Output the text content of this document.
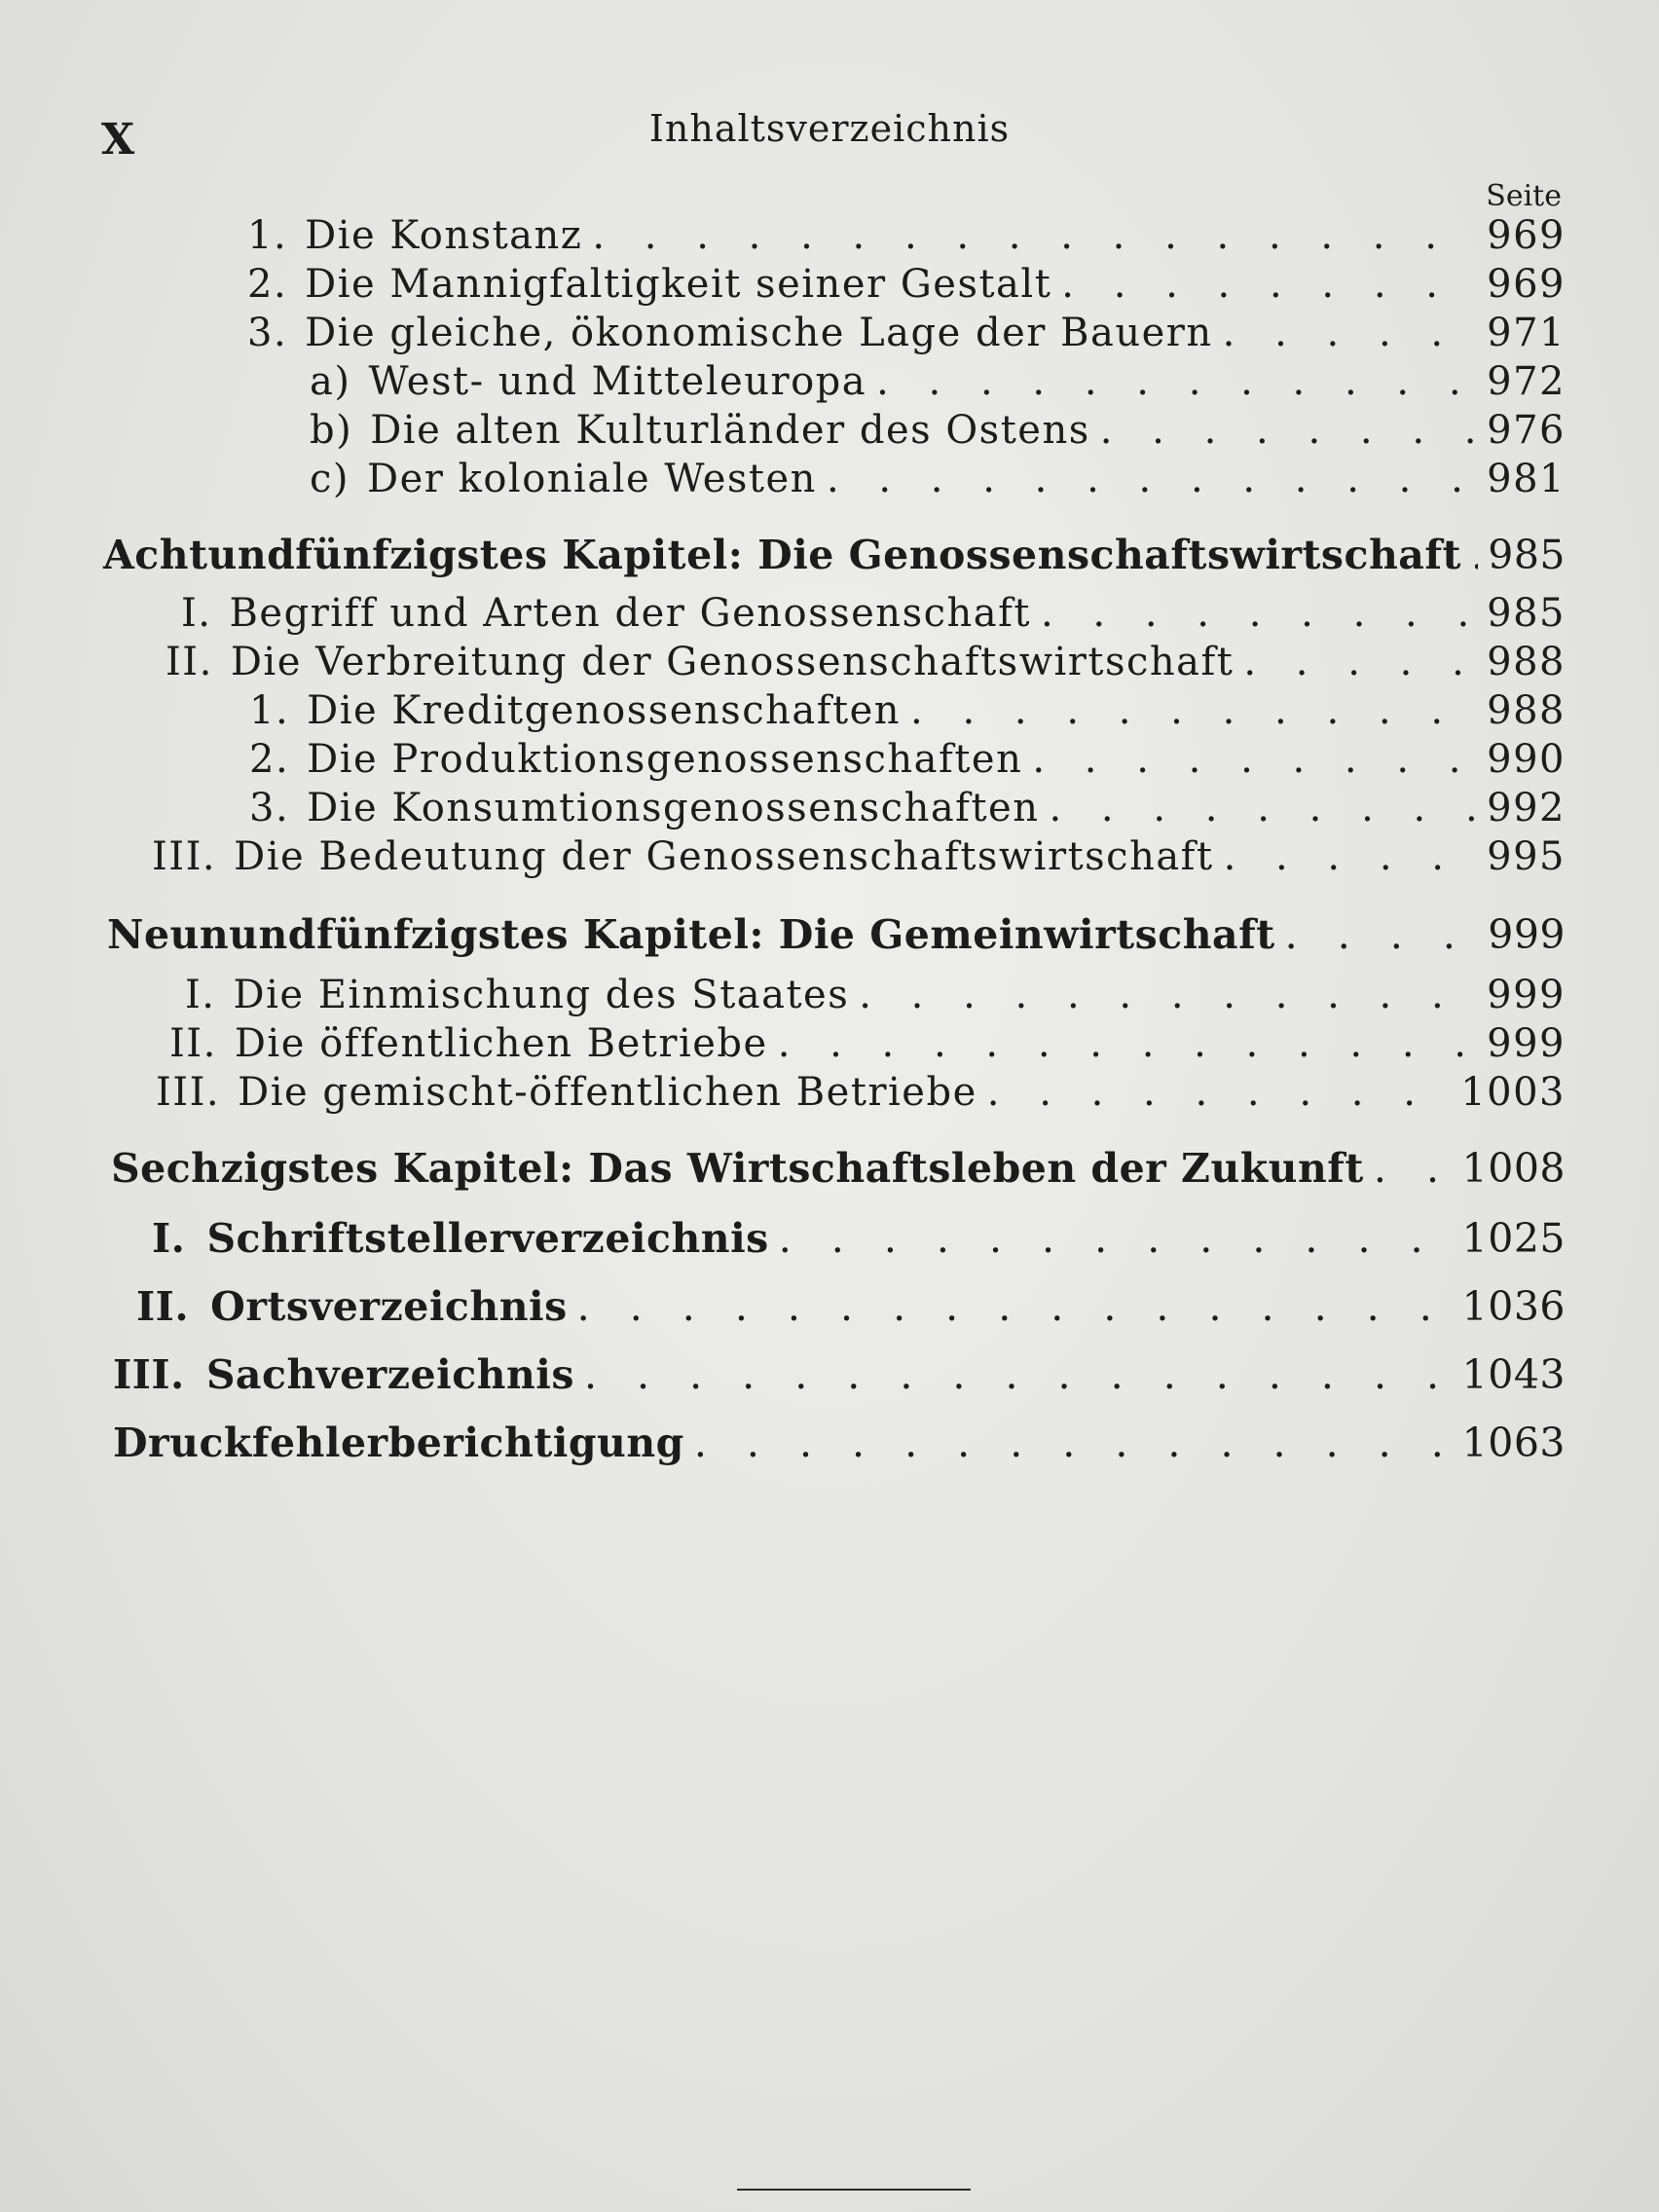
X	Inhaltsverzeichnis
Seite
1. Die Konstanz . . .	969
2. Die Mannigfaltigkeit seiner Gestalt . . .	969
3. Die gleiche, ökonomische Lage der Bauern . . .	971
a) West- und Mitteleuropa . . .	972
b) Die alten Kulturländer des Ostens . . .	976
c) Der koloniale Westen . . .	981
Achtundfünfzigstes Kapitel: Die Genossenschaftswirtschaft . . . 985
I. Begriff und Arten der Genossenschaft . . .	985
II. Die Verbreitung der Genossenschaftswirtschaft . . .	988
1. Die Kreditgenossenschaften . . .	988
2. Die Produktionsgenossenschaften . . .	990
3. Die Konsumtionsgenossenschaften . . .	992
III. Die Bedeutung der Genossenschaftswirtschaft . . .	995
Neunundfünfzigstes Kapitel: Die Gemeinwirtschaft . . .	999
I. Die Einmischung des Staates . . .	999
II. Die öffentlichen Betriebe . . .	999
III. Die gemischt-öffentlichen Betriebe . . .	1003
Sechzigstes Kapitel: Das Wirtschaftsleben der Zukunft . . . 1008
I. Schriftstellerverzeichnis . . .	1025
II. Ortsverzeichnis . . .	1036
III. Sachverzeichnis . . .	1043
Druckfehlerberichtigung . . .	1063
